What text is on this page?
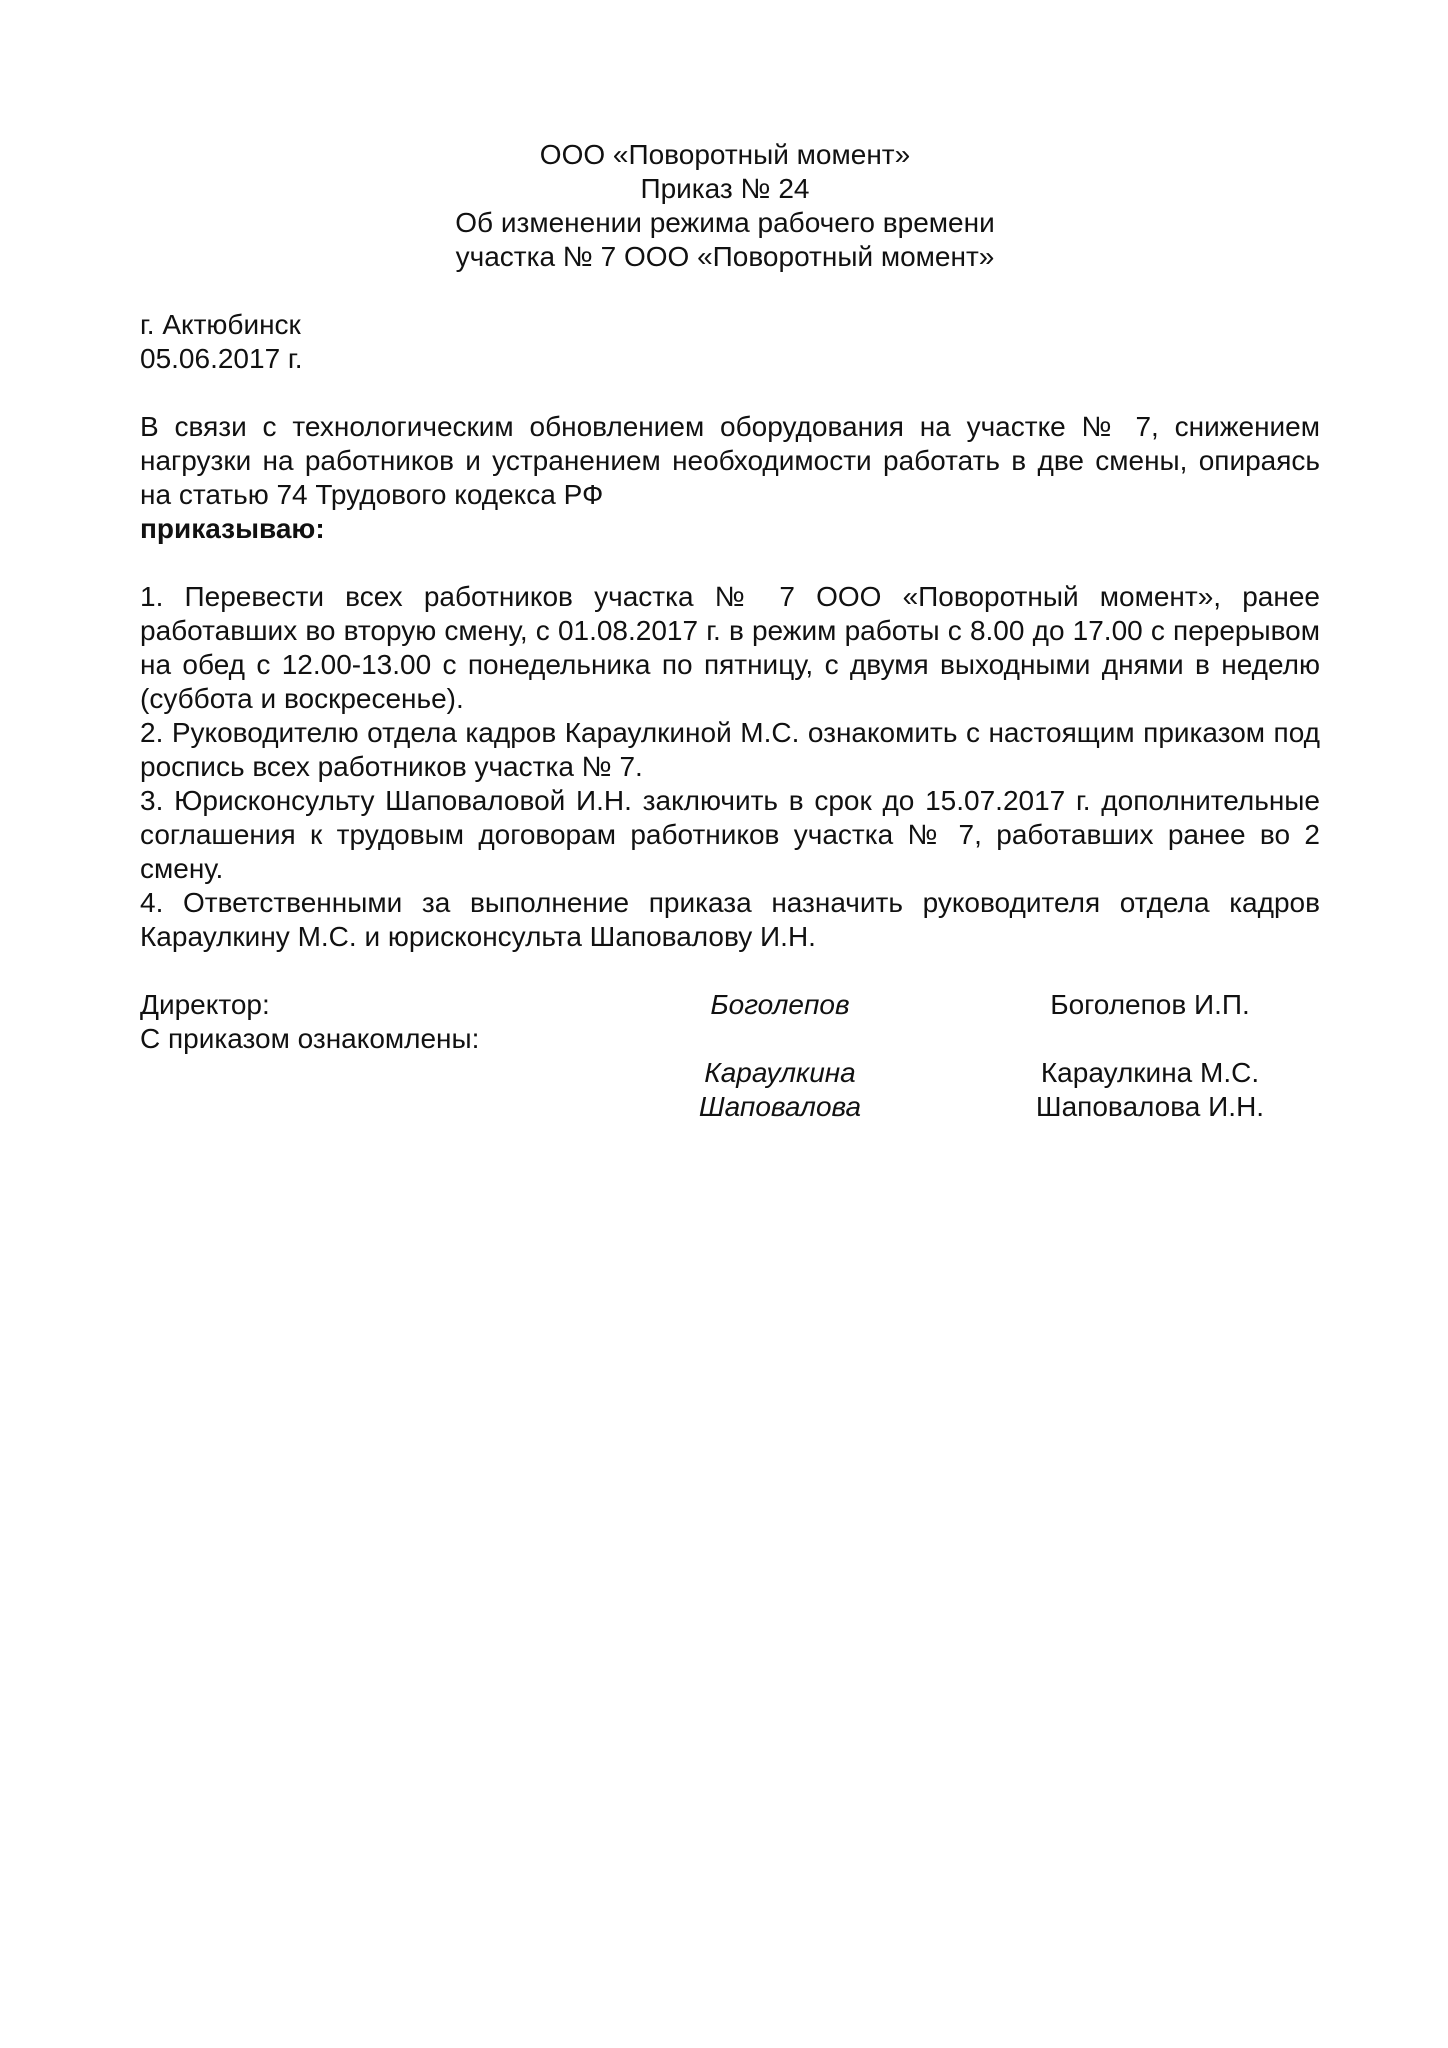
ООО «Поворотный момент»
Приказ № 24
Об изменении режима рабочего времени
участка № 7 ООО «Поворотный момент»
г. Актюбинск
05.06.2017 г.
В связи с технологическим обновлением оборудования на участке № 7, снижением нагрузки на работников и устранением необходимости работать в две смены, опираясь на статью 74 Трудового кодекса РФ
приказываю:
1. Перевести всех работников участка № 7 ООО «Поворотный момент», ранее работавших во вторую смену, с 01.08.2017 г. в режим работы с 8.00 до 17.00 с перерывом на обед с 12.00-13.00 с понедельника по пятницу, с двумя выходными днями в неделю (суббота и воскресенье).
2. Руководителю отдела кадров Караулкиной М.С. ознакомить с настоящим приказом под роспись всех работников участка № 7.
3. Юрисконсульту Шаповаловой И.Н. заключить в срок до 15.07.2017 г. дополнительные соглашения к трудовым договорам работников участка № 7, работавших ранее во 2 смену.
4. Ответственными за выполнение приказа назначить руководителя отдела кадров Караулкину М.С. и юрисконсульта Шаповалову И.Н.
Директор:	Боголепов	Боголепов И.П.
С приказом ознакомлены:
Караулкина	Караулкина М.С.
Шаповалова	Шаповалова И.Н.
